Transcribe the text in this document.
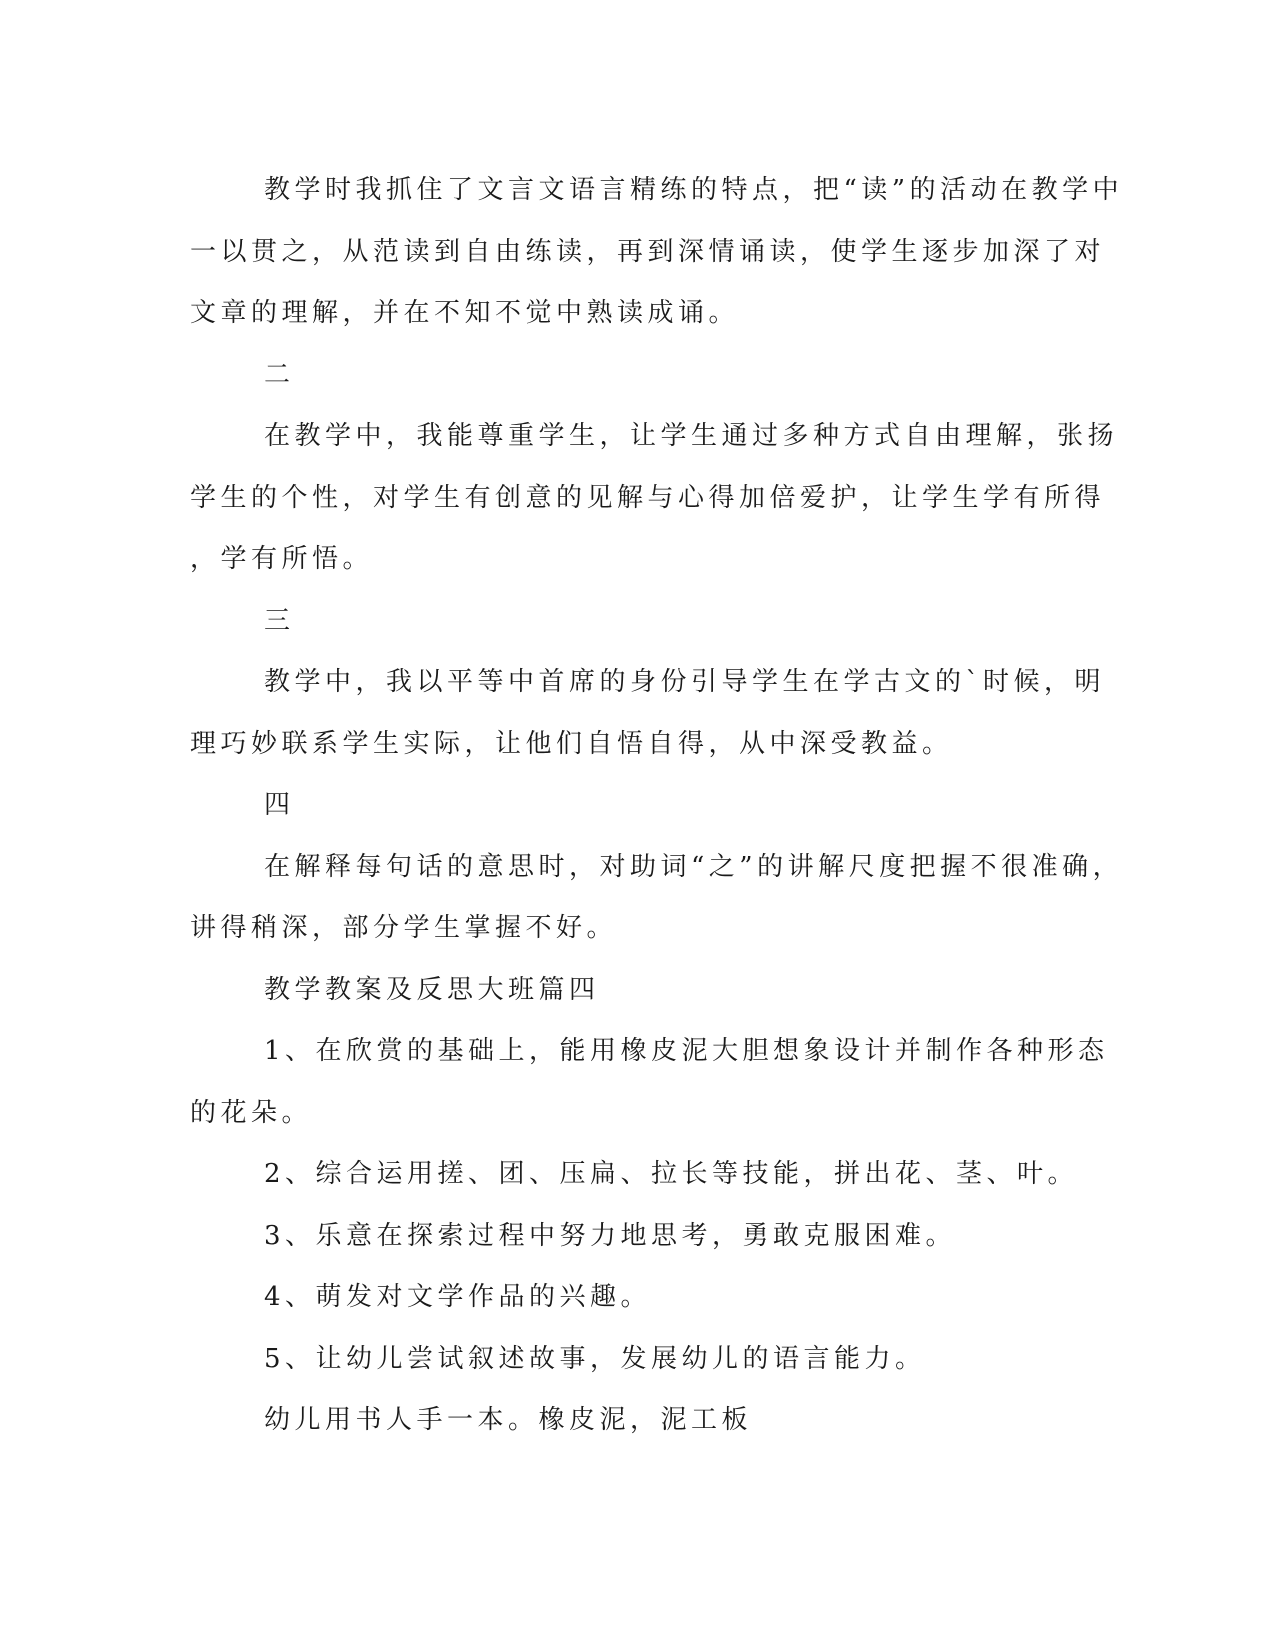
教学时我抓住了文言文语言精练的特点，把“读”的活动在教学中
一以贯之，从范读到自由练读，再到深情诵读，使学生逐步加深了对
文章的理解，并在不知不觉中熟读成诵。
二
在教学中，我能尊重学生，让学生通过多种方式自由理解，张扬
学生的个性，对学生有创意的见解与心得加倍爱护，让学生学有所得
，学有所悟。
三
教学中，我以平等中首席的身份引导学生在学古文的`时候，明
理巧妙联系学生实际，让他们自悟自得，从中深受教益。
四
在解释每句话的意思时，对助词“之”的讲解尺度把握不很准确，
讲得稍深，部分学生掌握不好。
教学教案及反思大班篇四
1、在欣赏的基础上，能用橡皮泥大胆想象设计并制作各种形态
的花朵。
2、综合运用搓、团、压扁、拉长等技能，拼出花、茎、叶。
3、乐意在探索过程中努力地思考，勇敢克服困难。
4、萌发对文学作品的兴趣。
5、让幼儿尝试叙述故事，发展幼儿的语言能力。
幼儿用书人手一本。橡皮泥，泥工板
